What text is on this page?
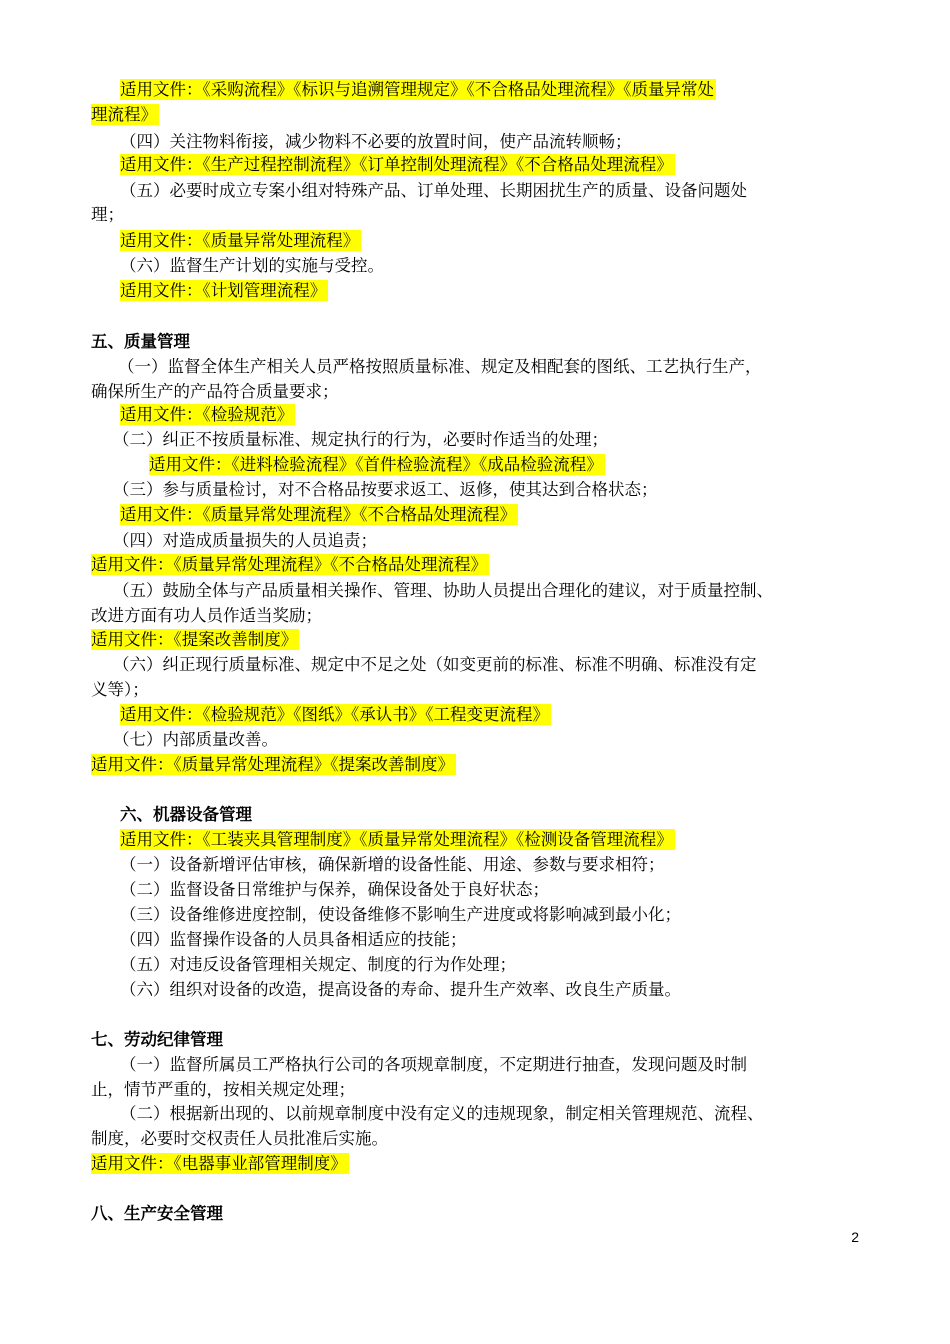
适用文件：《采购流程》《标识与追溯管理规定》《不合格品处理流程》《质量异常处
理流程》
（四）关注物料衔接，减少物料不必要的放置时间，使产品流转顺畅；
适用文件：《生产过程控制流程》《订单控制处理流程》《不合格品处理流程》
（五）必要时成立专案小组对特殊产品、订单处理、长期困扰生产的质量、设备问题处
理；
适用文件：《质量异常处理流程》
（六）监督生产计划的实施与受控。
适用文件：《计划管理流程》
五、质量管理
（一）监督全体生产相关人员严格按照质量标准、规定及相配套的图纸、工艺执行生产，
确保所生产的产品符合质量要求；
适用文件：《检验规范》
（二）纠正不按质量标准、规定执行的行为，必要时作适当的处理；
适用文件：《进料检验流程》《首件检验流程》《成品检验流程》
（三）参与质量检讨，对不合格品按要求返工、返修，使其达到合格状态；
适用文件：《质量异常处理流程》《不合格品处理流程》
（四）对造成质量损失的人员追责；
适用文件：《质量异常处理流程》《不合格品处理流程》
（五）鼓励全体与产品质量相关操作、管理、协助人员提出合理化的建议，对于质量控制、
改进方面有功人员作适当奖励；
适用文件：《提案改善制度》
（六）纠正现行质量标准、规定中不足之处（如变更前的标准、标准不明确、标准没有定
义等）；
适用文件：《检验规范》《图纸》《承认书》《工程变更流程》
（七）内部质量改善。
适用文件：《质量异常处理流程》《提案改善制度》
六、机器设备管理
适用文件：《工装夹具管理制度》《质量异常处理流程》《检测设备管理流程》
（一）设备新增评估审核，确保新增的设备性能、用途、参数与要求相符；
（二）监督设备日常维护与保养，确保设备处于良好状态；
（三）设备维修进度控制，使设备维修不影响生产进度或将影响减到最小化；
（四）监督操作设备的人员具备相适应的技能；
（五）对违反设备管理相关规定、制度的行为作处理；
（六）组织对设备的改造，提高设备的寿命、提升生产效率、改良生产质量。
七、劳动纪律管理
（一）监督所属员工严格执行公司的各项规章制度，不定期进行抽查，发现问题及时制
止，情节严重的，按相关规定处理；
（二）根据新出现的、以前规章制度中没有定义的违规现象，制定相关管理规范、流程、
制度，必要时交权责任人员批准后实施。
适用文件：《电器事业部管理制度》
八、生产安全管理
2
